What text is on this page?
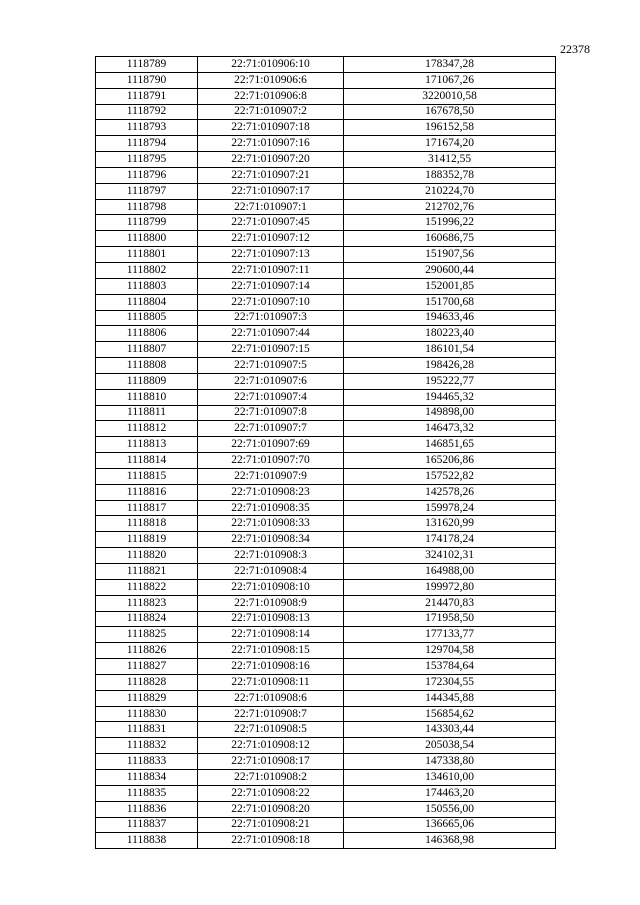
22378
1118789	22:71:010906:10	178347,28
1118790	22:71:010906:6	171067,26
1118791	22:71:010906:8	3220010,58
1118792	22:71:010907:2	167678,50
1118793	22:71:010907:18	196152,58
1118794	22:71:010907:16	171674,20
1118795	22:71:010907:20	31412,55
1118796	22:71:010907:21	188352,78
1118797	22:71:010907:17	210224,70
1118798	22:71:010907:1	212702,76
1118799	22:71:010907:45	151996,22
1118800	22:71:010907:12	160686,75
1118801	22:71:010907:13	151907,56
1118802	22:71:010907:11	290600,44
1118803	22:71:010907:14	152001,85
1118804	22:71:010907:10	151700,68
1118805	22:71:010907:3	194633,46
1118806	22:71:010907:44	180223,40
1118807	22:71:010907:15	186101,54
1118808	22:71:010907:5	198426,28
1118809	22:71:010907:6	195222,77
1118810	22:71:010907:4	194465,32
1118811	22:71:010907:8	149898,00
1118812	22:71:010907:7	146473,32
1118813	22:71:010907:69	146851,65
1118814	22:71:010907:70	165206,86
1118815	22:71:010907:9	157522,82
1118816	22:71:010908:23	142578,26
1118817	22:71:010908:35	159978,24
1118818	22:71:010908:33	131620,99
1118819	22:71:010908:34	174178,24
1118820	22:71:010908:3	324102,31
1118821	22:71:010908:4	164988,00
1118822	22:71:010908:10	199972,80
1118823	22:71:010908:9	214470,83
1118824	22:71:010908:13	171958,50
1118825	22:71:010908:14	177133,77
1118826	22:71:010908:15	129704,58
1118827	22:71:010908:16	153784,64
1118828	22:71:010908:11	172304,55
1118829	22:71:010908:6	144345,88
1118830	22:71:010908:7	156854,62
1118831	22:71:010908:5	143303,44
1118832	22:71:010908:12	205038,54
1118833	22:71:010908:17	147338,80
1118834	22:71:010908:2	134610,00
1118835	22:71:010908:22	174463,20
1118836	22:71:010908:20	150556,00
1118837	22:71:010908:21	136665,06
1118838	22:71:010908:18	146368,98
